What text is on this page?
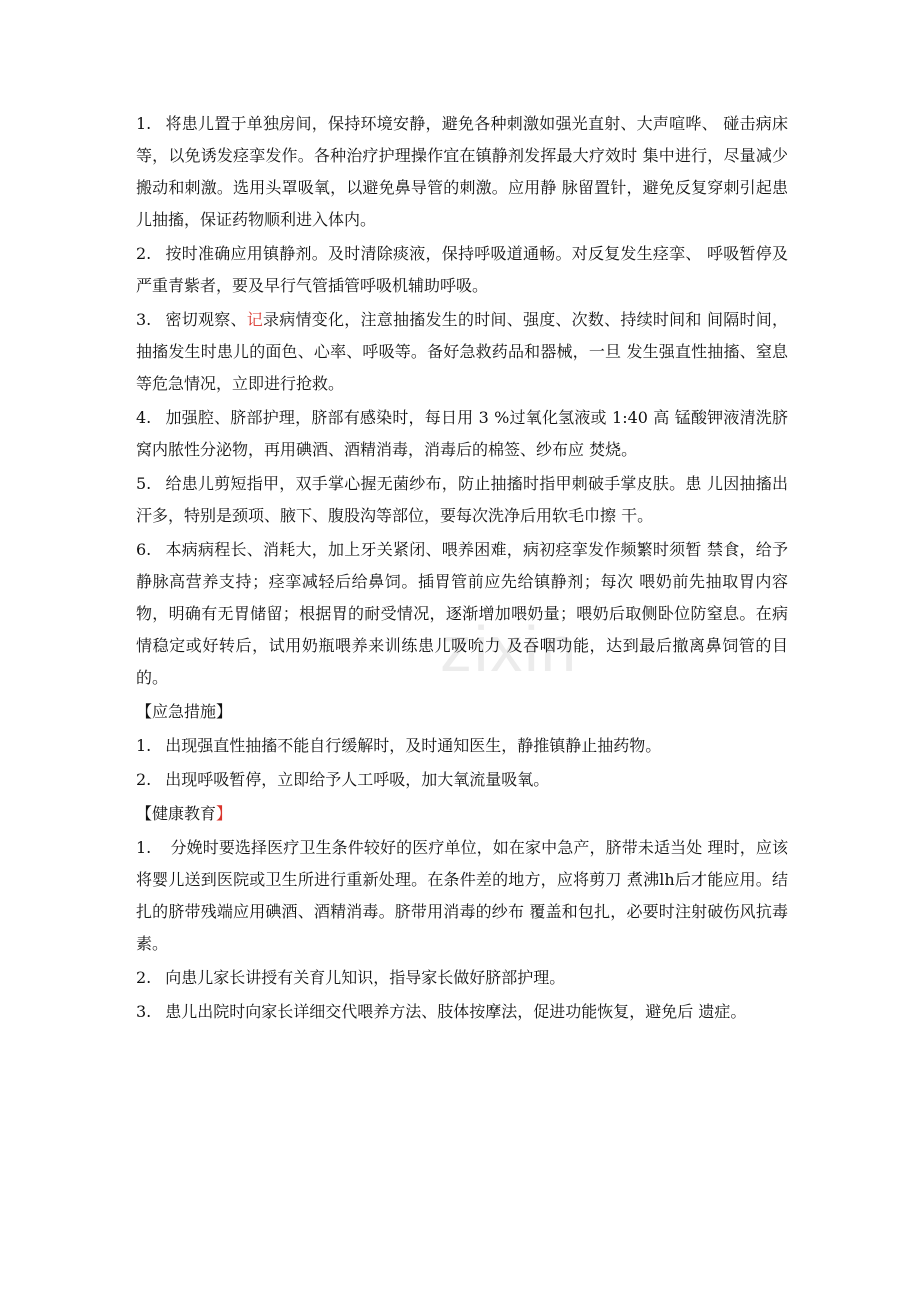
zixin

1. 将患儿置于单独房间，保持环境安静，避免各种刺激如强光直射、大声喧哗、 碰击病床等，以免诱发痉挛发作。各种治疗护理操作宜在镇静剂发挥最大疗效时 集中进行，尽量减少搬动和刺激。选用头罩吸氧，以避免鼻导管的刺激。应用静 脉留置针，避免反复穿刺引起患儿抽搐，保证药物顺利进入体内。

2. 按时准确应用镇静剂。及时清除痰液，保持呼吸道通畅。对反复发生痉挛、 呼吸暂停及严重青紫者，要及早行气管插管呼吸机辅助呼吸。

3. 密切观察、记录病情变化，注意抽搐发生的时间、强度、次数、持续时间和 间隔时间，抽搐发生时患儿的面色、心率、呼吸等。备好急救药品和器械，一旦 发生强直性抽搐、窒息等危急情况，立即进行抢救。

4. 加强腔、脐部护理，脐部有感染时，每日用 3 %过氧化氢液或 1:40 高 锰酸钾液清洗脐窝内脓性分泌物，再用碘酒、酒精消毒，消毒后的棉签、纱布应 焚烧。

5. 给患儿剪短指甲，双手掌心握无菌纱布，防止抽搐时指甲刺破手掌皮肤。患 儿因抽搐出汗多，特别是颈项、腋下、腹股沟等部位，要每次洗净后用软毛巾擦 干。

6. 本病病程长、消耗大，加上牙关紧闭、喂养困难，病初痉挛发作频繁时须暂 禁食，给予静脉高营养支持；痉挛减轻后给鼻饲。插胃管前应先给镇静剂；每次 喂奶前先抽取胃内容物，明确有无胃储留；根据胃的耐受情况，逐渐增加喂奶量；喂奶后取侧卧位防窒息。在病情稳定或好转后，试用奶瓶喂养来训练患儿吸吮力 及吞咽功能，达到最后撤离鼻饲管的目的。

【应急措施】

1. 出现强直性抽搐不能自行缓解时，及时通知医生，静推镇静止抽药物。

2. 出现呼吸暂停，立即给予人工呼吸，加大氧流量吸氧。

【健康教育】

1. 分娩时要选择医疗卫生条件较好的医疗单位，如在家中急产，脐带未适当处 理时，应该将婴儿送到医院或卫生所进行重新处理。在条件差的地方，应将剪刀 煮沸lh后才能应用。结扎的脐带残端应用碘酒、酒精消毒。脐带用消毒的纱布 覆盖和包扎，必要时注射破伤风抗毒素。

2. 向患儿家长讲授有关育儿知识，指导家长做好脐部护理。

3. 患儿出院时向家长详细交代喂养方法、肢体按摩法，促进功能恢复，避免后 遗症。
